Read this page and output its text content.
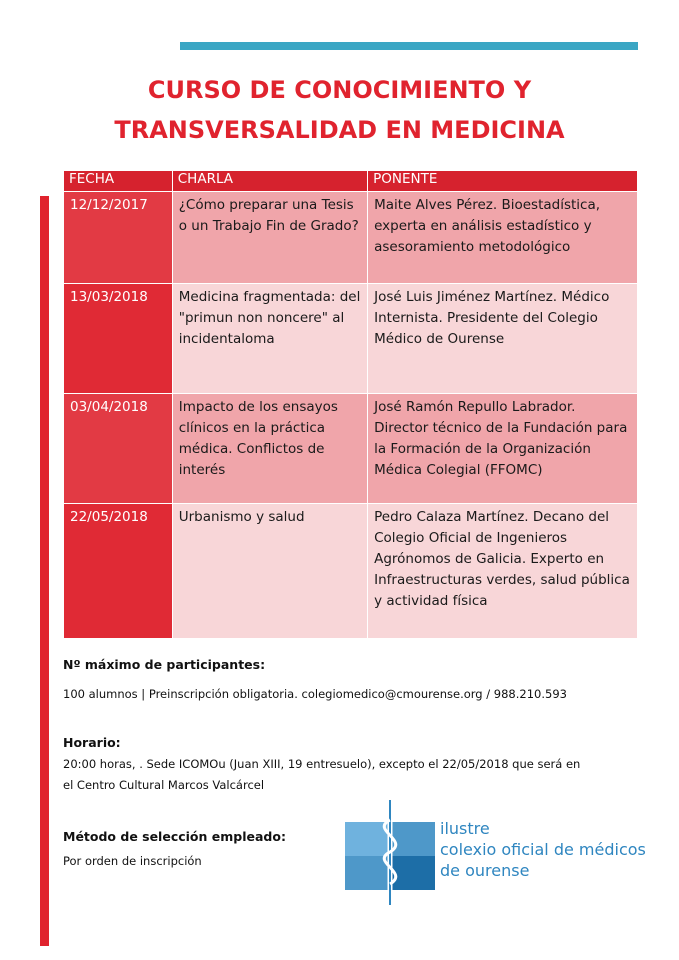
CURSO DE CONOCIMIENTO Y
TRANSVERSALIDAD EN MEDICINA
FECHA	CHARLA	PONENTE
12/12/2017	¿Cómo preparar una Tesis o un Trabajo Fin de Grado?	Maite Alves Pérez. Bioestadística, experta en análisis estadístico y asesoramiento metodológico
13/03/2018	Medicina fragmentada: del "primun non noncere" al incidentaloma	José Luis Jiménez Martínez. Médico Internista. Presidente del Colegio Médico de Ourense
03/04/2018	Impacto de los ensayos clínicos en la práctica médica. Conflictos de interés	José Ramón Repullo Labrador. Director técnico de la Fundación para la Formación de la Organización Médica Colegial (FFOMC)
22/05/2018	Urbanismo y salud	Pedro Calaza Martínez. Decano del Colegio Oficial de Ingenieros Agrónomos de Galicia. Experto en Infraestructuras verdes, salud pública y actividad física
Nº máximo de participantes:
100 alumnos | Preinscripción obligatoria. colegiomedico@cmourense.org / 988.210.593
Horario:
20:00 horas, . Sede ICOMOu (Juan XIII, 19 entresuelo), excepto el 22/05/2018 que será en
el Centro Cultural Marcos Valcárcel
Método de selección empleado:
Por orden de inscripción
ilustre
colexio oficial de médicos
de ourense
